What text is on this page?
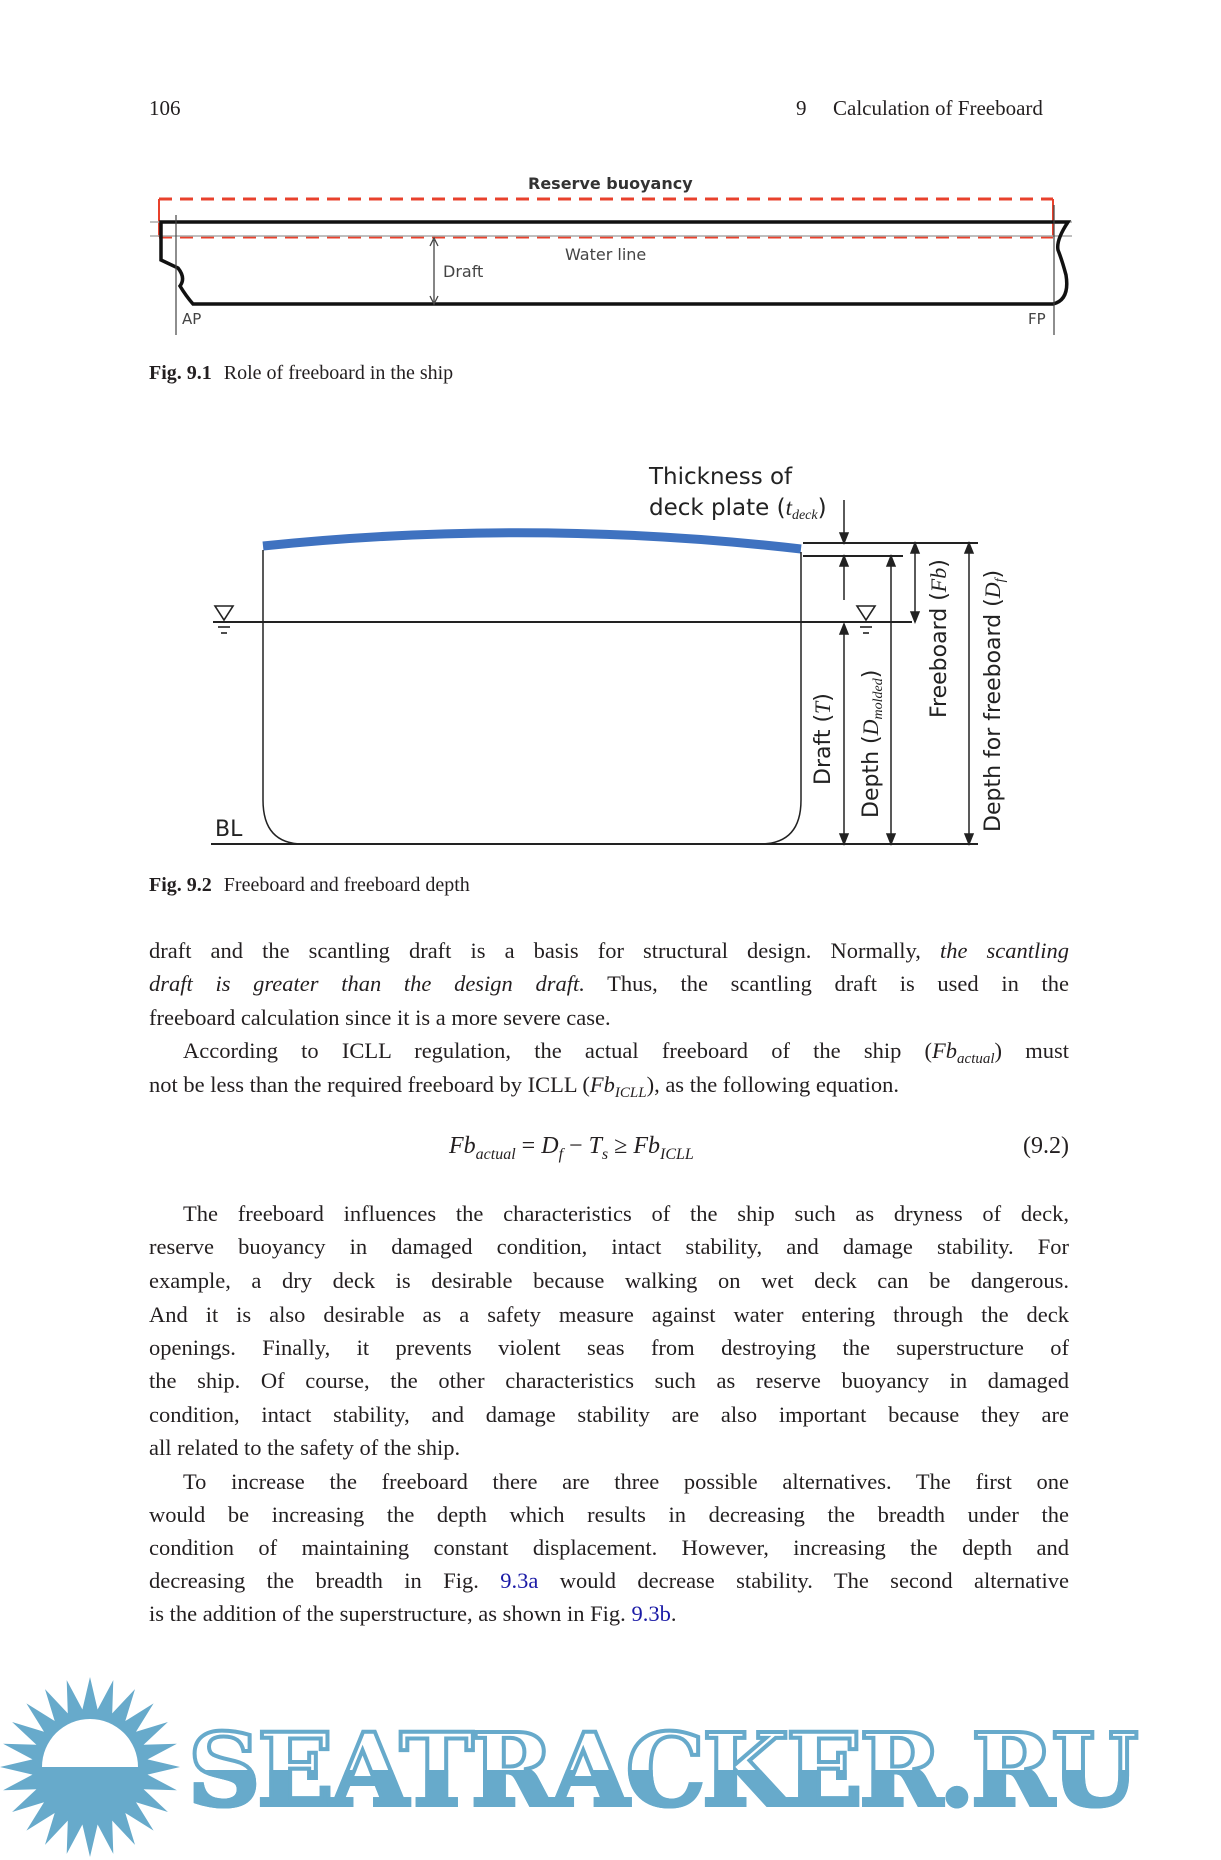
106	9 Calculation of Freeboard
Reserve buoyancy
Water line
Draft
AP	FP
Fig. 9.1 Role of freeboard in the ship
Thickness of
deck plate (tdeck)
BL
Draft (T)
Depth (Dmolded) Freeboard (Fb)
Depth for freeboard (Df)
Fig. 9.2 Freeboard and freeboard depth
draft and the scantling draft is a basis for structural design. Normally, the scantling
draft is greater than the design draft. Thus, the scantling draft is used in the
freeboard calculation since it is a more severe case.
According to ICLL regulation, the actual freeboard of the ship $(Fb_{actual})$ must
not be less than the required freeboard by ICLL $(Fb_{ICLL})$, as the following equation.
The freeboard influences the characteristics of the ship such as dryness of deck,
reserve buoyancy in damaged condition, intact stability, and damage stability. For
example, a dry deck is desirable because walking on wet deck can be dangerous.
And it is also desirable as a safety measure against water entering through the deck
openings. Finally, it prevents violent seas from destroying the superstructure of
the ship. Of course, the other characteristics such as reserve buoyancy in damaged
condition, intact stability, and damage stability are also important because they are
all related to the safety of the ship.
To increase the freeboard there are three possible alternatives. The first one
would be increasing the depth which results in decreasing the breadth under the
condition of maintaining constant displacement. However, increasing the depth and
decreasing the breadth in Fig. 9.3a would decrease stability. The second alternative
is the addition of the superstructure, as shown in Fig. 9.3b.
$Fb_{actual} = D_f - T_s \ge Fb_{ICLL}$	(9.2)
SEATRACKER.RU
